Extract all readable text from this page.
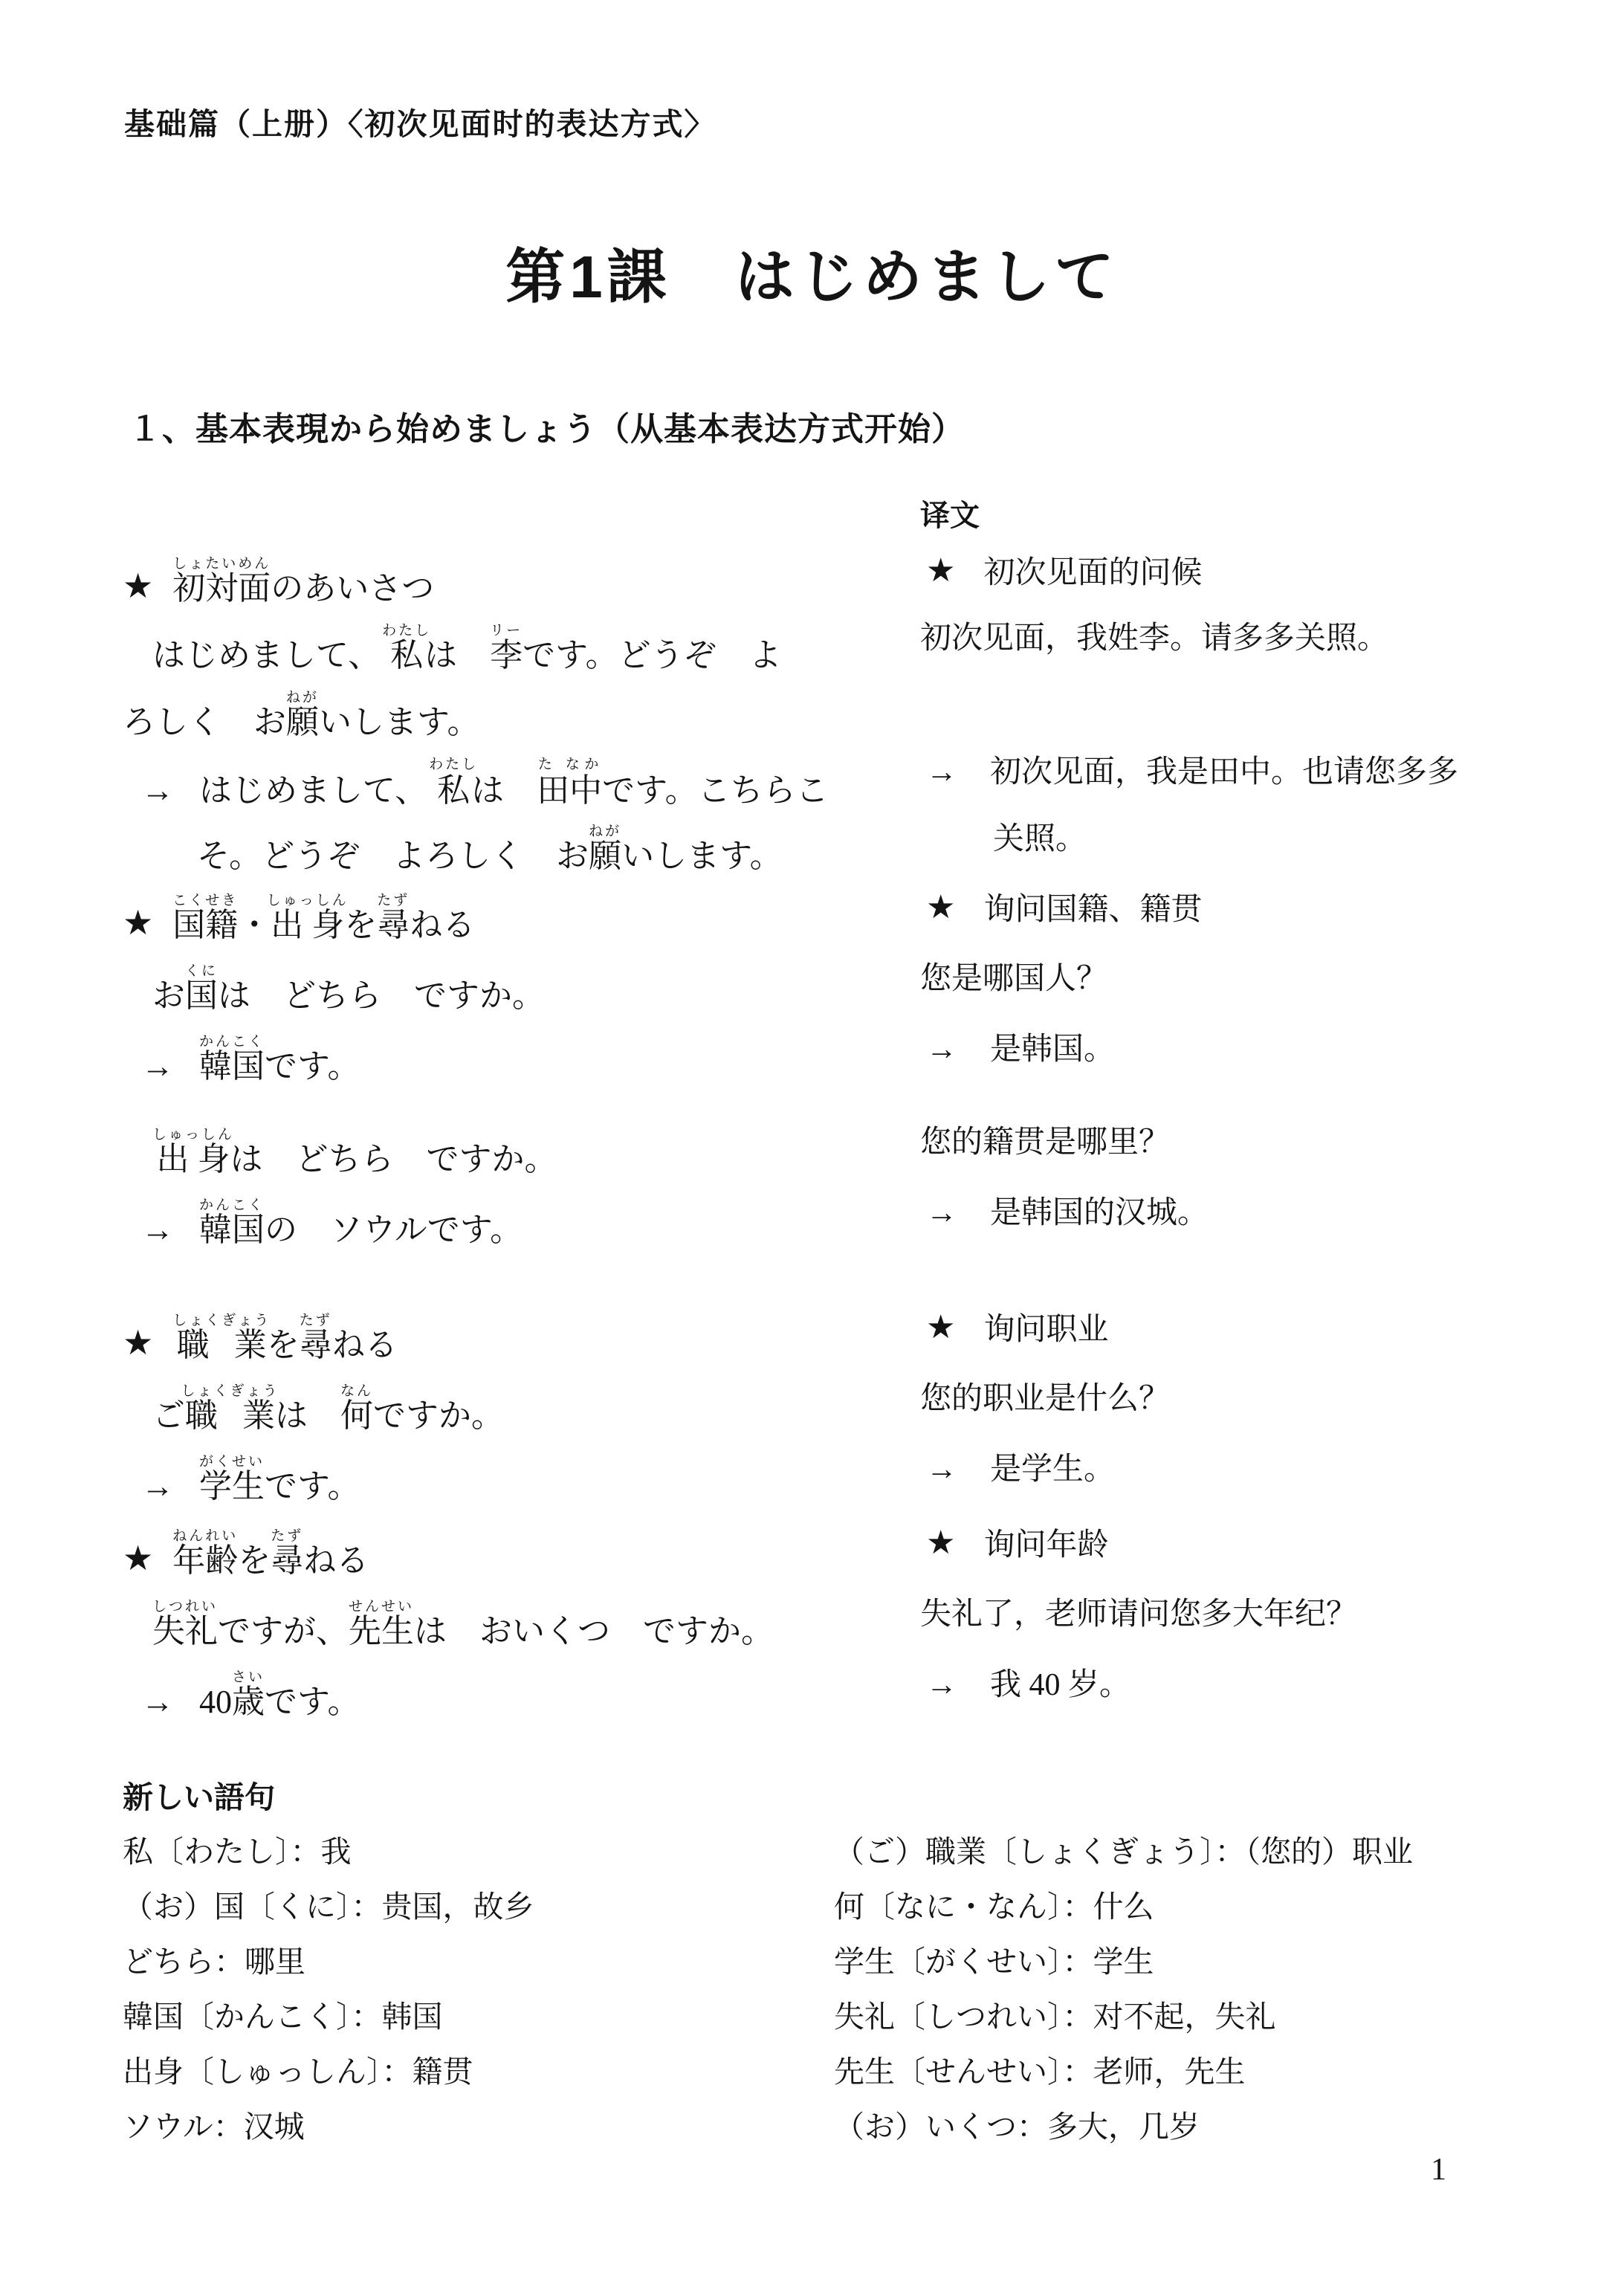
基础篇（上册）〈初次见面时的表达方式〉
第1課　はじめまして
１、基本表現から始めましょう（从基本表达方式开始）
译文
★ 初対面しょたいめんのあいさつ
はじめまして、 私わたしは　李リーです。どうぞ　よ
ろしく　お願ねがいします。
→ はじめまして、 私わたしは　田中た なかです。こちらこ
そ。どうぞ　よろしく　お願ねがいします。
★ 初次见面的问候
初次见面，我姓李。请多多关照。
→ 初次见面，我是田中。也请您多多
关照。
★ 国籍こくせき・出身しゅっしんを尋たずねる
お国くには　どちら　ですか。
→ 韓国かんこくです。
★ 询问国籍、籍贯
您是哪国人？
→ 是韩国。
出身しゅっしんは　どちら　ですか。
→ 韓国かんこくの　ソウルです。
您的籍贯是哪里？
→ 是韩国的汉城。
★ 職 業しょくぎょうを尋たずねる
ご職 業しょくぎょうは　何なんですか。
→ 学生がくせいです。
★ 询问职业
您的职业是什么？
→ 是学生。
★ 年齢ねんれいを尋たずねる
失礼しつれいですが、先生せんせいは　おいくつ　ですか。
→ 40歳さいです。
★ 询问年龄
失礼了，老师请问您多大年纪？
→ 我 40 岁。
新しい語句
私〔わたし〕：我
（お）国〔くに〕：贵国，故乡
どちら：哪里
韓国〔かんこく〕：韩国
出身〔しゅっしん〕：籍贯
ソウル：汉城
（ご）職業〔しょくぎょう〕：（您的）职业
何〔なに・なん〕：什么
学生〔がくせい〕：学生
失礼〔しつれい〕：对不起，失礼
先生〔せんせい〕：老师，先生
（お）いくつ：多大，几岁
1
